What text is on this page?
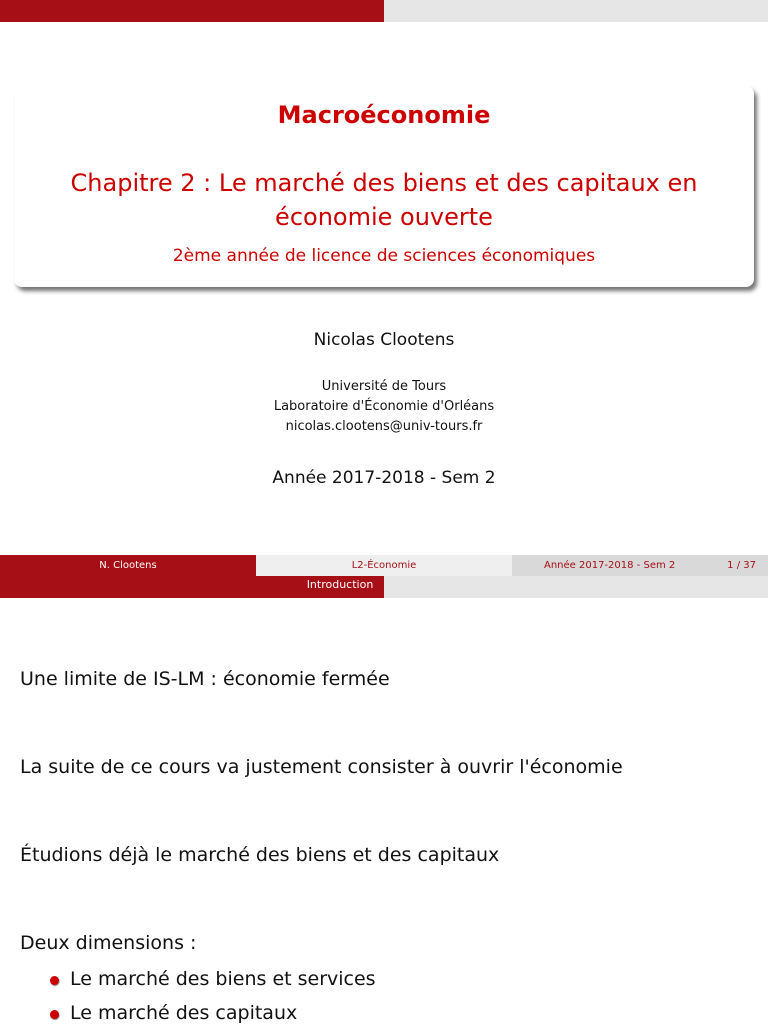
Macroéconomie
Chapitre 2 : Le marché des biens et des capitaux en économie ouverte
2ème année de licence de sciences économiques
Nicolas Clootens
Université de Tours
Laboratoire d'Économie d'Orléans
nicolas.clootens@univ-tours.fr
Année 2017-2018 - Sem 2
N. Clootens	L2-Économie	Année 2017-2018 - Sem 2	1 / 37
Introduction
Une limite de IS-LM : économie fermée
La suite de ce cours va justement consister à ouvrir l'économie
Étudions déjà le marché des biens et des capitaux
Deux dimensions :
Le marché des biens et services
Le marché des capitaux
